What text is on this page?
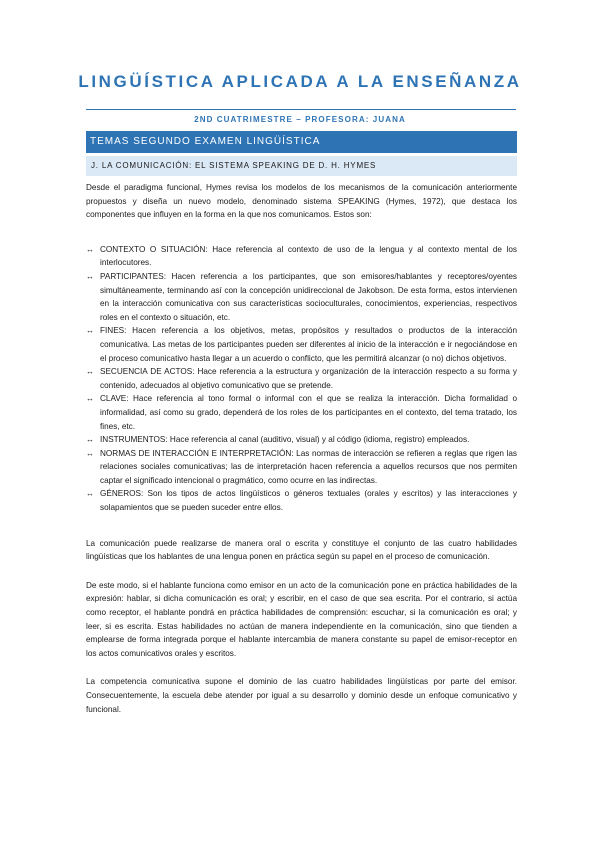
LINGÜÍSTICA APLICADA A LA ENSEÑANZA
2ND CUATRIMESTRE – PROFESORA: JUANA
TEMAS SEGUNDO EXAMEN LINGÜÍSTICA
J. LA COMUNICACIÓN: EL SISTEMA SPEAKING DE D. H. HYMES

Desde el paradigma funcional, Hymes revisa los modelos de los mecanismos de la comunicación anteriormente propuestos y diseña un nuevo modelo, denominado sistema SPEAKING (Hymes, 1972), que destaca los componentes que influyen en la forma en la que nos comunicamos. Estos son:

↔ CONTEXTO O SITUACIÓN: Hace referencia al contexto de uso de la lengua y al contexto mental de los interlocutores.
↔ PARTICIPANTES: Hacen referencia a los participantes, que son emisores/hablantes y receptores/oyentes simultáneamente, terminando así con la concepción unidireccional de Jakobson. De esta forma, estos intervienen en la interacción comunicativa con sus características socioculturales, conocimientos, experiencias, respectivos roles en el contexto o situación, etc.
↔ FINES: Hacen referencia a los objetivos, metas, propósitos y resultados o productos de la interacción comunicativa. Las metas de los participantes pueden ser diferentes al inicio de la interacción e ir negociándose en el proceso comunicativo hasta llegar a un acuerdo o conflicto, que les permitirá alcanzar (o no) dichos objetivos.
↔ SECUENCIA DE ACTOS: Hace referencia a la estructura y organización de la interacción respecto a su forma y contenido, adecuados al objetivo comunicativo que se pretende.
↔ CLAVE: Hace referencia al tono formal o informal con el que se realiza la interacción. Dicha formalidad o informalidad, así como su grado, dependerá de los roles de los participantes en el contexto, del tema tratado, los fines, etc.
↔ INSTRUMENTOS: Hace referencia al canal (auditivo, visual) y al código (idioma, registro) empleados.
↔ NORMAS DE INTERACCIÓN E INTERPRETACIÓN: Las normas de interacción se refieren a reglas que rigen las relaciones sociales comunicativas; las de interpretación hacen referencia a aquellos recursos que nos permiten captar el significado intencional o pragmático, como ocurre en las indirectas.
↔ GÉNEROS: Son los tipos de actos lingüísticos o géneros textuales (orales y escritos) y las interacciones y solapamientos que se pueden suceder entre ellos.

La comunicación puede realizarse de manera oral o escrita y constituye el conjunto de las cuatro habilidades lingüísticas que los hablantes de una lengua ponen en práctica según su papel en el proceso de comunicación.

De este modo, si el hablante funciona como emisor en un acto de la comunicación pone en práctica habilidades de la expresión: hablar, si dicha comunicación es oral; y escribir, en el caso de que sea escrita. Por el contrario, si actúa como receptor, el hablante pondrá en práctica habilidades de comprensión: escuchar, si la comunicación es oral; y leer, si es escrita. Estas habilidades no actúan de manera independiente en la comunicación, sino que tienden a emplearse de forma integrada porque el hablante intercambia de manera constante su papel de emisor-receptor en los actos comunicativos orales y escritos.

La competencia comunicativa supone el dominio de las cuatro habilidades lingüísticas por parte del emisor. Consecuentemente, la escuela debe atender por igual a su desarrollo y dominio desde un enfoque comunicativo y funcional.
